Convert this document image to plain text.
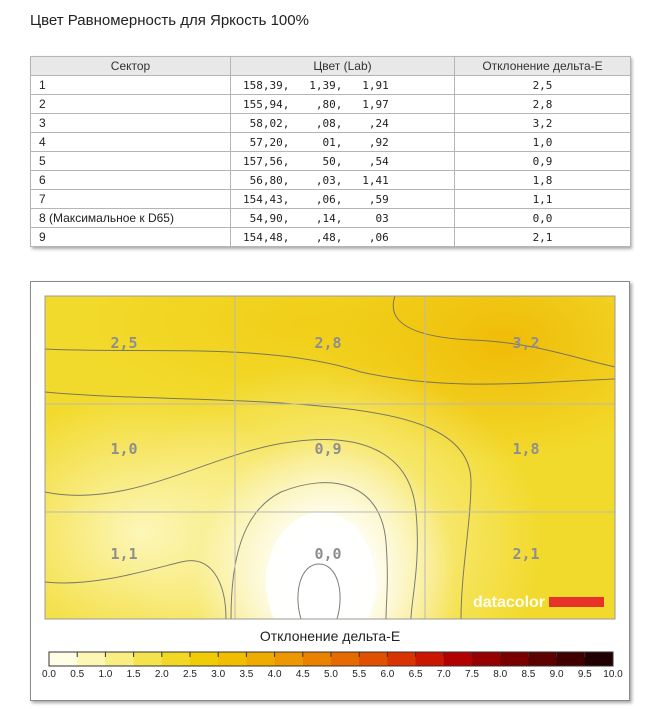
Цвет Равномерность для Яркость 100%
Сектор	Цвет (Lab)	Отклонение дельта-E
1	158,39,   1,39,   1,91	2,5
2	155,94,    ,80,   1,97	2,8
3	58,02,    ,08,    ,24	3,2
4	57,20,     01,    ,92	1,0
5	157,56,     50,    ,54	0,9
6	56,80,    ,03,   1,41	1,8
7	154,43,    ,06,    ,59	1,1
8 (Максимальное к D65)	54,90,    ,14,     03	0,0
9	154,48,    ,48,    ,06	2,1
2,5	2,8	3,2
1,0	0,9	1,8
1,1	0,0	2,1
datacolor
Отклонение дельта-E
0.0 0.5 1.0 1.5 2.0 2.5 3.0 3.5 4.0 4.5 5.0 5.5 6.0 6.5 7.0 7.5 8.0 8.5 9.0 9.5 10.0
